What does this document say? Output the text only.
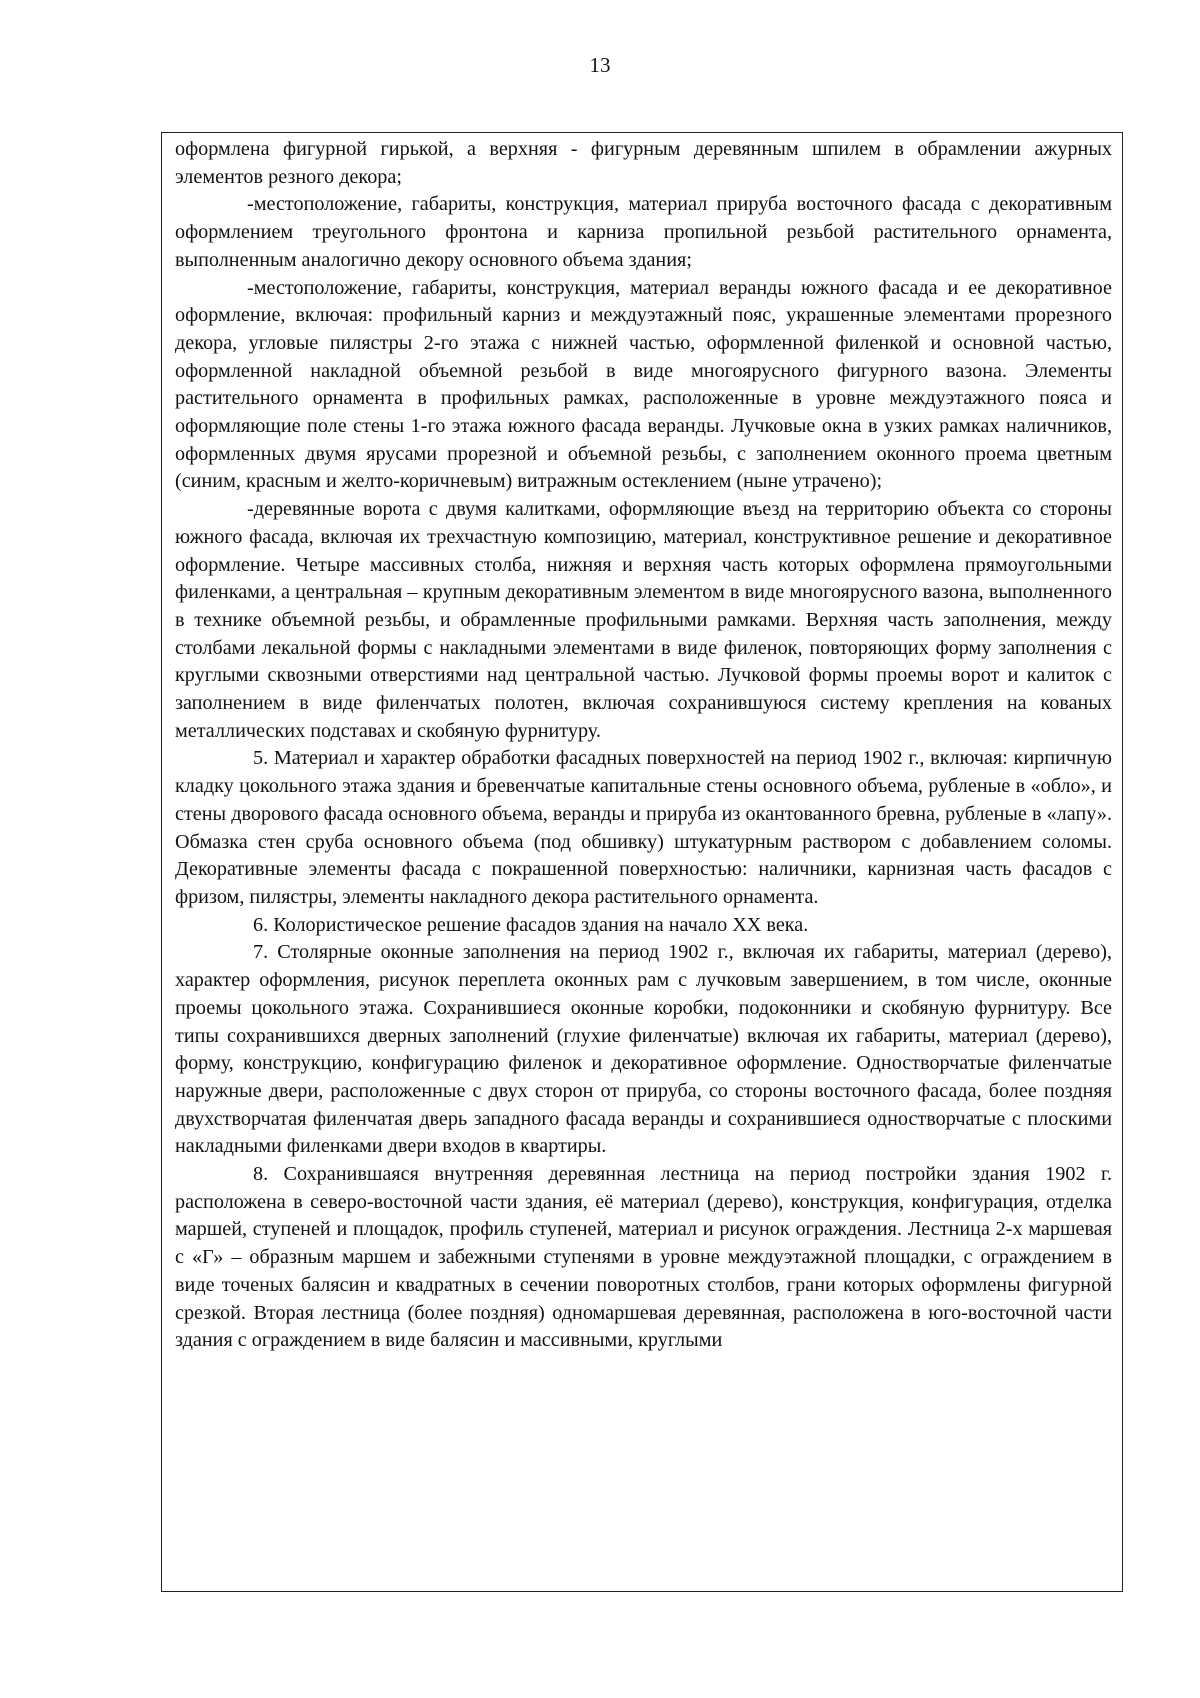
13

оформлена фигурной гирькой, а верхняя - фигурным деревянным шпилем в обрамлении ажурных элементов резного декора;

-местоположение, габариты, конструкция, материал прируба восточного фасада с декоративным оформлением треугольного фронтона и карниза пропильной резьбой растительного орнамента, выполненным аналогично декору основного объема здания;

-местоположение, габариты, конструкция, материал веранды южного фасада и ее декоративное оформление, включая: профильный карниз и междуэтажный пояс, украшенные элементами прорезного декора, угловые пилястры 2-го этажа с нижней частью, оформленной филенкой и основной частью, оформленной накладной объемной резьбой в виде многоярусного фигурного вазона. Элементы растительного орнамента в профильных рамках, расположенные в уровне междуэтажного пояса и оформляющие поле стены 1-го этажа южного фасада веранды. Лучковые окна в узких рамках наличников, оформленных двумя ярусами прорезной и объемной резьбы, с заполнением оконного проема цветным (синим, красным и желто-коричневым) витражным остеклением (ныне утрачено);

-деревянные ворота с двумя калитками, оформляющие въезд на территорию объекта со стороны южного фасада, включая их трехчастную композицию, материал, конструктивное решение и декоративное оформление. Четыре массивных столба, нижняя и верхняя часть которых оформлена прямоугольными филенками, а центральная – крупным декоративным элементом в виде многоярусного вазона, выполненного в технике объемной резьбы, и обрамленные профильными рамками. Верхняя часть заполнения, между столбами лекальной формы с накладными элементами в виде филенок, повторяющих форму заполнения с круглыми сквозными отверстиями над центральной частью. Лучковой формы проемы ворот и калиток с заполнением в виде филенчатых полотен, включая сохранившуюся систему крепления на кованых металлических подставах и скобяную фурнитуру.

5. Материал и характер обработки фасадных поверхностей на период 1902 г., включая: кирпичную кладку цокольного этажа здания и бревенчатые капитальные стены основного объема, рубленые в «обло», и стены дворового фасада основного объема, веранды и прируба из окантованного бревна, рубленые в «лапу». Обмазка стен сруба основного объема (под обшивку) штукатурным раствором с добавлением соломы. Декоративные элементы фасада с покрашенной поверхностью: наличники, карнизная часть фасадов с фризом, пилястры, элементы накладного декора растительного орнамента.

6. Колористическое решение фасадов здания на начало XX века.

7. Столярные оконные заполнения на период 1902 г., включая их габариты, материал (дерево), характер оформления, рисунок переплета оконных рам с лучковым завершением, в том числе, оконные проемы цокольного этажа. Сохранившиеся оконные коробки, подоконники и скобяную фурнитуру. Все типы сохранившихся дверных заполнений (глухие филенчатые) включая их габариты, материал (дерево), форму, конструкцию, конфигурацию филенок и декоративное оформление. Одностворчатые филенчатые наружные двери, расположенные с двух сторон от прируба, со стороны восточного фасада, более поздняя двухстворчатая филенчатая дверь западного фасада веранды и сохранившиеся одностворчатые с плоскими накладными филенками двери входов в квартиры.

8. Сохранившаяся внутренняя деревянная лестница на период постройки здания 1902 г. расположена в северо-восточной части здания, её материал (дерево), конструкция, конфигурация, отделка маршей, ступеней и площадок, профиль ступеней, материал и рисунок ограждения. Лестница 2-х маршевая с «Г» – образным маршем и забежными ступенями в уровне междуэтажной площадки, с ограждением в виде точеных балясин и квадратных в сечении поворотных столбов, грани которых оформлены фигурной срезкой. Вторая лестница (более поздняя) одномаршевая деревянная, расположена в юго-восточной части здания с ограждением в виде балясин и массивными, круглыми
